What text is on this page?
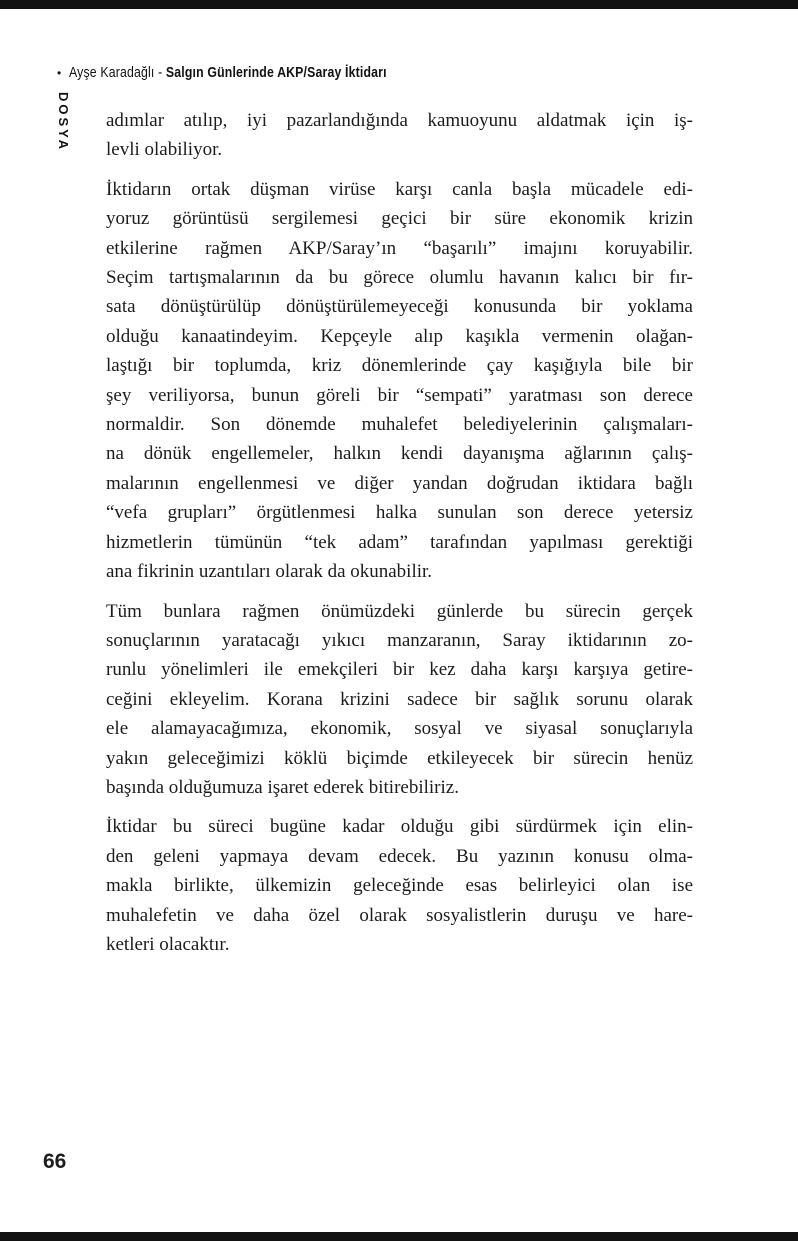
• Ayşe Karadağlı - Salgın Günlerinde AKP/Saray İktidarı
DOSYA adımlar atılıp, iyi pazarlandığında kamuoyunu aldatmak için iş-
levli olabiliyor.
İktidarın ortak düşman virüse karşı canla başla mücadele edi-
yoruz görüntüsü sergilemesi geçici bir süre ekonomik krizin
etkilerine rağmen AKP/Saray’ın “başarılı” imajını koruyabilir.
Seçim tartışmalarının da bu görece olumlu havanın kalıcı bir fır-
sata dönüştürülüp dönüştürülemeyeceği konusunda bir yoklama
olduğu kanaatindeyim. Kepçeyle alıp kaşıkla vermenin olağan-
laştığı bir toplumda, kriz dönemlerinde çay kaşığıyla bile bir
şey veriliyorsa, bunun göreli bir “sempati” yaratması son derece
normaldir. Son dönemde muhalefet belediyelerinin çalışmaları-
na dönük engellemeler, halkın kendi dayanışma ağlarının çalış-
malarının engellenmesi ve diğer yandan doğrudan iktidara bağlı
“vefa grupları” örgütlenmesi halka sunulan son derece yetersiz
hizmetlerin tümünün “tek adam” tarafından yapılması gerektiği
ana fikrinin uzantıları olarak da okunabilir.
Tüm bunlara rağmen önümüzdeki günlerde bu sürecin gerçek
sonuçlarının yaratacağı yıkıcı manzaranın, Saray iktidarının zo-
runlu yönelimleri ile emekçileri bir kez daha karşı karşıya getire-
ceğini ekleyelim. Korana krizini sadece bir sağlık sorunu olarak
ele alamayacağımıza, ekonomik, sosyal ve siyasal sonuçlarıyla
yakın geleceğimizi köklü biçimde etkileyecek bir sürecin henüz
başında olduğumuza işaret ederek bitirebiliriz.
İktidar bu süreci bugüne kadar olduğu gibi sürdürmek için elin-
den geleni yapmaya devam edecek. Bu yazının konusu olma-
makla birlikte, ülkemizin geleceğinde esas belirleyici olan ise
muhalefetin ve daha özel olarak sosyalistlerin duruşu ve hare-
ketleri olacaktır.
66
